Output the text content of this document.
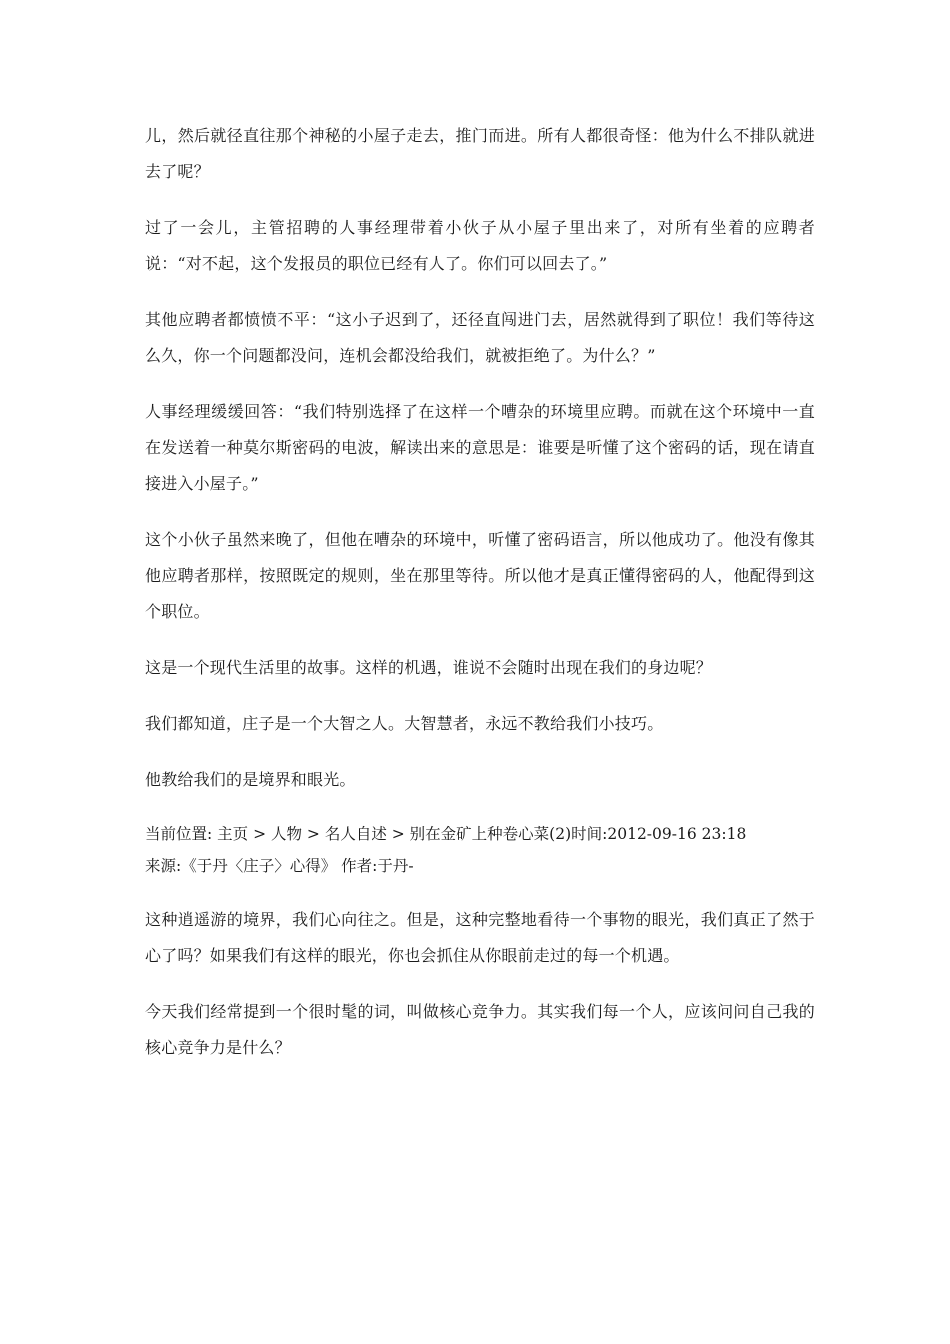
儿，然后就径直往那个神秘的小屋子走去，推门而进。所有人都很奇怪：他为什么不排队就进去了呢？

过了一会儿，主管招聘的人事经理带着小伙子从小屋子里出来了，对所有坐着的应聘者说：“对不起，这个发报员的职位已经有人了。你们可以回去了。”

其他应聘者都愤愤不平：“这小子迟到了，还径直闯进门去，居然就得到了职位！我们等待这么久，你一个问题都没问，连机会都没给我们，就被拒绝了。为什么？”

人事经理缓缓回答：“我们特别选择了在这样一个嘈杂的环境里应聘。而就在这个环境中一直在发送着一种莫尔斯密码的电波，解读出来的意思是：谁要是听懂了这个密码的话，现在请直接进入小屋子。”

这个小伙子虽然来晚了，但他在嘈杂的环境中，听懂了密码语言，所以他成功了。他没有像其他应聘者那样，按照既定的规则，坐在那里等待。所以他才是真正懂得密码的人，他配得到这个职位。

这是一个现代生活里的故事。这样的机遇，谁说不会随时出现在我们的身边呢？

我们都知道，庄子是一个大智之人。大智慧者，永远不教给我们小技巧。

他教给我们的是境界和眼光。

当前位置: 主页 > 人物 > 名人自述 > 别在金矿上种卷心菜(2)时间:2012-09-16 23:18
来源:《于丹〈庄子〉心得》 作者:于丹-

这种逍遥游的境界，我们心向往之。但是，这种完整地看待一个事物的眼光，我们真正了然于心了吗？如果我们有这样的眼光，你也会抓住从你眼前走过的每一个机遇。

今天我们经常提到一个很时髦的词，叫做核心竞争力。其实我们每一个人，应该问问自己我的核心竞争力是什么？
